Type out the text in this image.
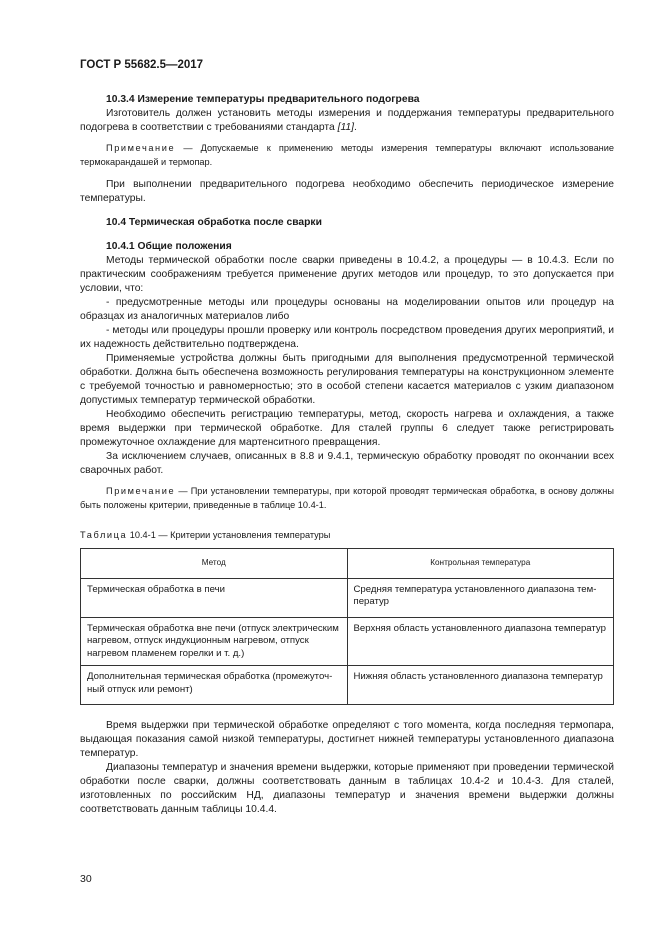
ГОСТ Р 55682.5—2017

10.3.4 Измерение температуры предварительного подогрева

Изготовитель должен установить методы измерения и поддержания температуры предварительного подогрева в соответствии с требованиями стандарта [11].

Примечание — Допускаемые к применению методы измерения температуры включают использование термокарандашей и термопар.

При выполнении предварительного подогрева необходимо обеспечить периодическое измерение температуры.

10.4 Термическая обработка после сварки

10.4.1 Общие положения

Методы термической обработки после сварки приведены в 10.4.2, а процедуры — в 10.4.3. Если по практическим соображениям требуется применение других методов или процедур, то это допускается при условии, что:

- предусмотренные методы или процедуры основаны на моделировании опытов или процедур на образцах из аналогичных материалов либо

- методы или процедуры прошли проверку или контроль посредством проведения других мероприятий, и их надежность действительно подтверждена.

Применяемые устройства должны быть пригодными для выполнения предусмотренной термической обработки. Должна быть обеспечена возможность регулирования температуры на конструкционном элементе с требуемой точностью и равномерностью; это в особой степени касается материалов с узким диапазоном допустимых температур термической обработки.

Необходимо обеспечить регистрацию температуры, метод, скорость нагрева и охлаждения, а также время выдержки при термической обработке. Для сталей группы 6 следует также регистрировать промежуточное охлаждение для мартенситного превращения.

За исключением случаев, описанных в 8.8 и 9.4.1, термическую обработку проводят по окончании всех сварочных работ.

Примечание — При установлении температуры, при которой проводят термическая обработка, в основу должны быть положены критерии, приведенные в таблице 10.4-1.

Таблица 10.4-1 — Критерии установления температуры

Метод	Контрольная температура
Термическая обработка в печи	Средняя температура установленного диапазона температур
Термическая обработка вне печи (отпуск электрическим нагревом, отпуск индукционным нагревом, отпуск нагревом пламенем горелки и т. д.)	Верхняя область установленного диапазона температур
Дополнительная термическая обработка (промежуточный отпуск или ремонт)	Нижняя область установленного диапазона температур

Время выдержки при термической обработке определяют с того момента, когда последняя термопара, выдающая показания самой низкой температуры, достигнет нижней температуры установленного диапазона температур.

Диапазоны температур и значения времени выдержки, которые применяют при проведении термической обработки после сварки, должны соответствовать данным в таблицах 10.4-2 и 10.4-3. Для сталей, изготовленных по российским НД, диапазоны температур и значения времени выдержки должны соответствовать данным таблицы 10.4.4.

30
